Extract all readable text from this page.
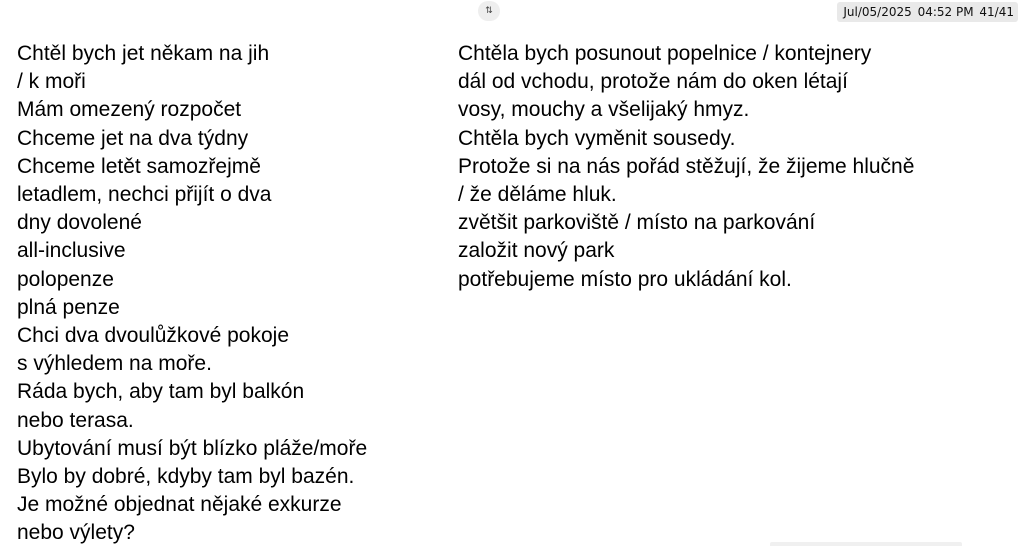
⇅	Jul/05/2025 04:52 PM 41/41
Chtěl bych jet někam na jih
/ k moři
Mám omezený rozpočet
Chceme jet na dva týdny
Chceme letět samozřejmě
letadlem, nechci přijít o dva
dny dovolené
all-inclusive
polopenze
plná penze
Chci dva dvoulůžkové pokoje
s výhledem na moře.
Ráda bych, aby tam byl balkón
nebo terasa.
Ubytování musí být blízko pláže/moře
Bylo by dobré, kdyby tam byl bazén.
Je možné objednat nějaké exkurze
nebo výlety?
Chtěla bych posunout popelnice / kontejnery
dál od vchodu, protože nám do oken létají
vosy, mouchy a všelijaký hmyz.
Chtěla bych vyměnit sousedy.
Protože si na nás pořád stěžují, že žijeme hlučně
/ že děláme hluk.
zvětšit parkoviště / místo na parkování
založit nový park
potřebujeme místo pro ukládání kol.
